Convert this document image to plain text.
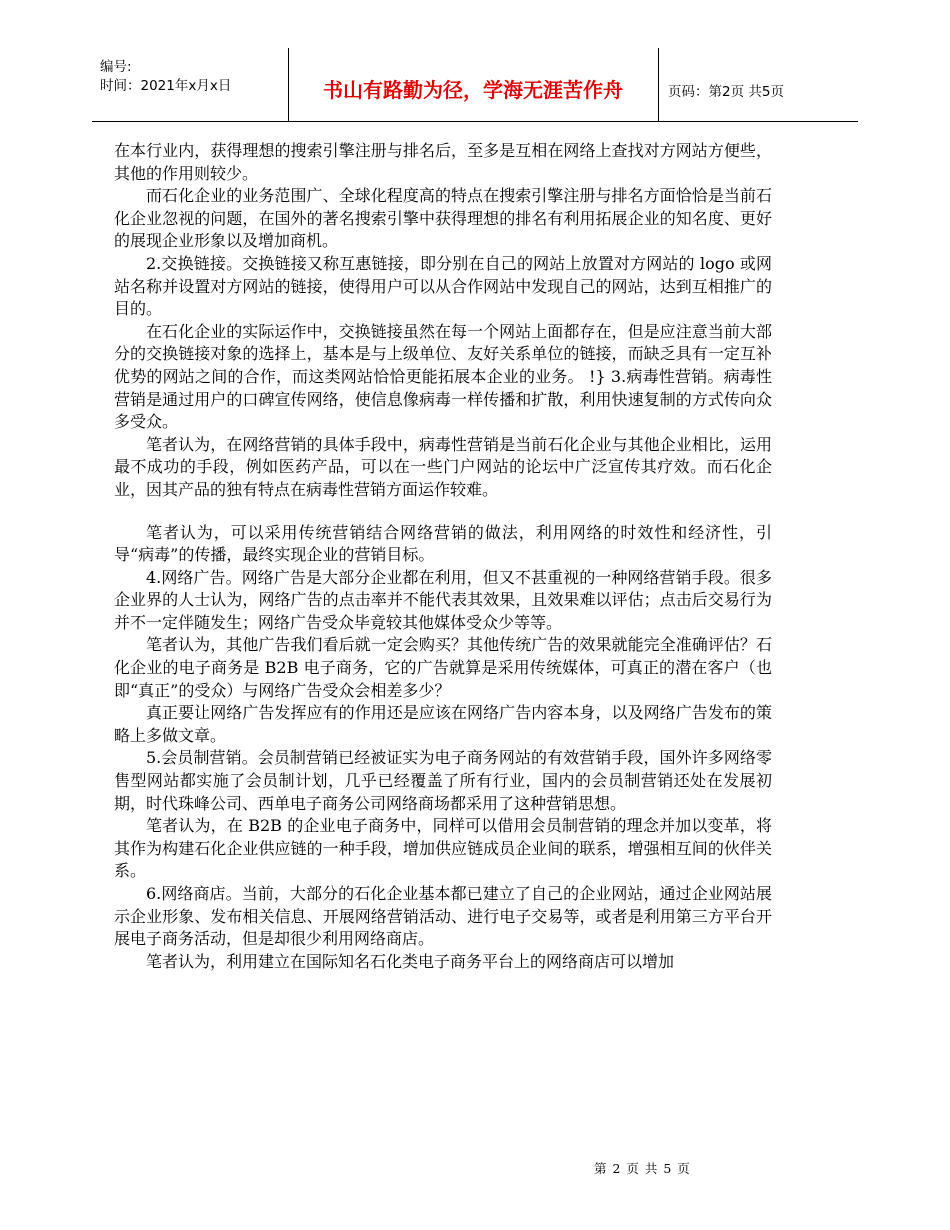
编号:
时间：2021年x月x日	书山有路勤为径，学海无涯苦作舟	页码：第2页 共5页

在本行业内，获得理想的搜索引擎注册与排名后，至多是互相在网络上查找对方网站方便些，其他的作用则较少。

而石化企业的业务范围广、全球化程度高的特点在搜索引擎注册与排名方面恰恰是当前石化企业忽视的问题，在国外的著名搜索引擎中获得理想的排名有利用拓展企业的知名度、更好的展现企业形象以及增加商机。

2.交换链接。交换链接又称互惠链接，即分别在自己的网站上放置对方网站的 logo 或网站名称并设置对方网站的链接，使得用户可以从合作网站中发现自己的网站，达到互相推广的目的。

在石化企业的实际运作中，交换链接虽然在每一个网站上面都存在，但是应注意当前大部分的交换链接对象的选择上，基本是与上级单位、友好关系单位的链接，而缺乏具有一定互补优势的网站之间的合作，而这类网站恰恰更能拓展本企业的业务。 !} 3.病毒性营销。病毒性营销是通过用户的口碑宣传网络，使信息像病毒一样传播和扩散，利用快速复制的方式传向众多受众。

笔者认为，在网络营销的具体手段中，病毒性营销是当前石化企业与其他企业相比，运用最不成功的手段，例如医药产品，可以在一些门户网站的论坛中广泛宣传其疗效。而石化企业，因其产品的独有特点在病毒性营销方面运作较难。

笔者认为，可以采用传统营销结合网络营销的做法，利用网络的时效性和经济性，引导“病毒”的传播，最终实现企业的营销目标。

4.网络广告。网络广告是大部分企业都在利用，但又不甚重视的一种网络营销手段。很多企业界的人士认为，网络广告的点击率并不能代表其效果，且效果难以评估；点击后交易行为并不一定伴随发生；网络广告受众毕竟较其他媒体受众少等等。

笔者认为，其他广告我们看后就一定会购买？其他传统广告的效果就能完全准确评估？石化企业的电子商务是 B2B 电子商务，它的广告就算是采用传统媒体，可真正的潜在客户（也即“真正”的受众）与网络广告受众会相差多少？

真正要让网络广告发挥应有的作用还是应该在网络广告内容本身，以及网络广告发布的策略上多做文章。

5.会员制营销。会员制营销已经被证实为电子商务网站的有效营销手段，国外许多网络零售型网站都实施了会员制计划，几乎已经覆盖了所有行业，国内的会员制营销还处在发展初期，时代珠峰公司、西单电子商务公司网络商场都采用了这种营销思想。

笔者认为，在 B2B 的企业电子商务中，同样可以借用会员制营销的理念并加以变革，将其作为构建石化企业供应链的一种手段，增加供应链成员企业间的联系，增强相互间的伙伴关系。

6.网络商店。当前，大部分的石化企业基本都已建立了自己的企业网站，通过企业网站展示企业形象、发布相关信息、开展网络营销活动、进行电子交易等，或者是利用第三方平台开展电子商务活动，但是却很少利用网络商店。

笔者认为，利用建立在国际知名石化类电子商务平台上的网络商店可以增加

第 2 页 共 5 页
